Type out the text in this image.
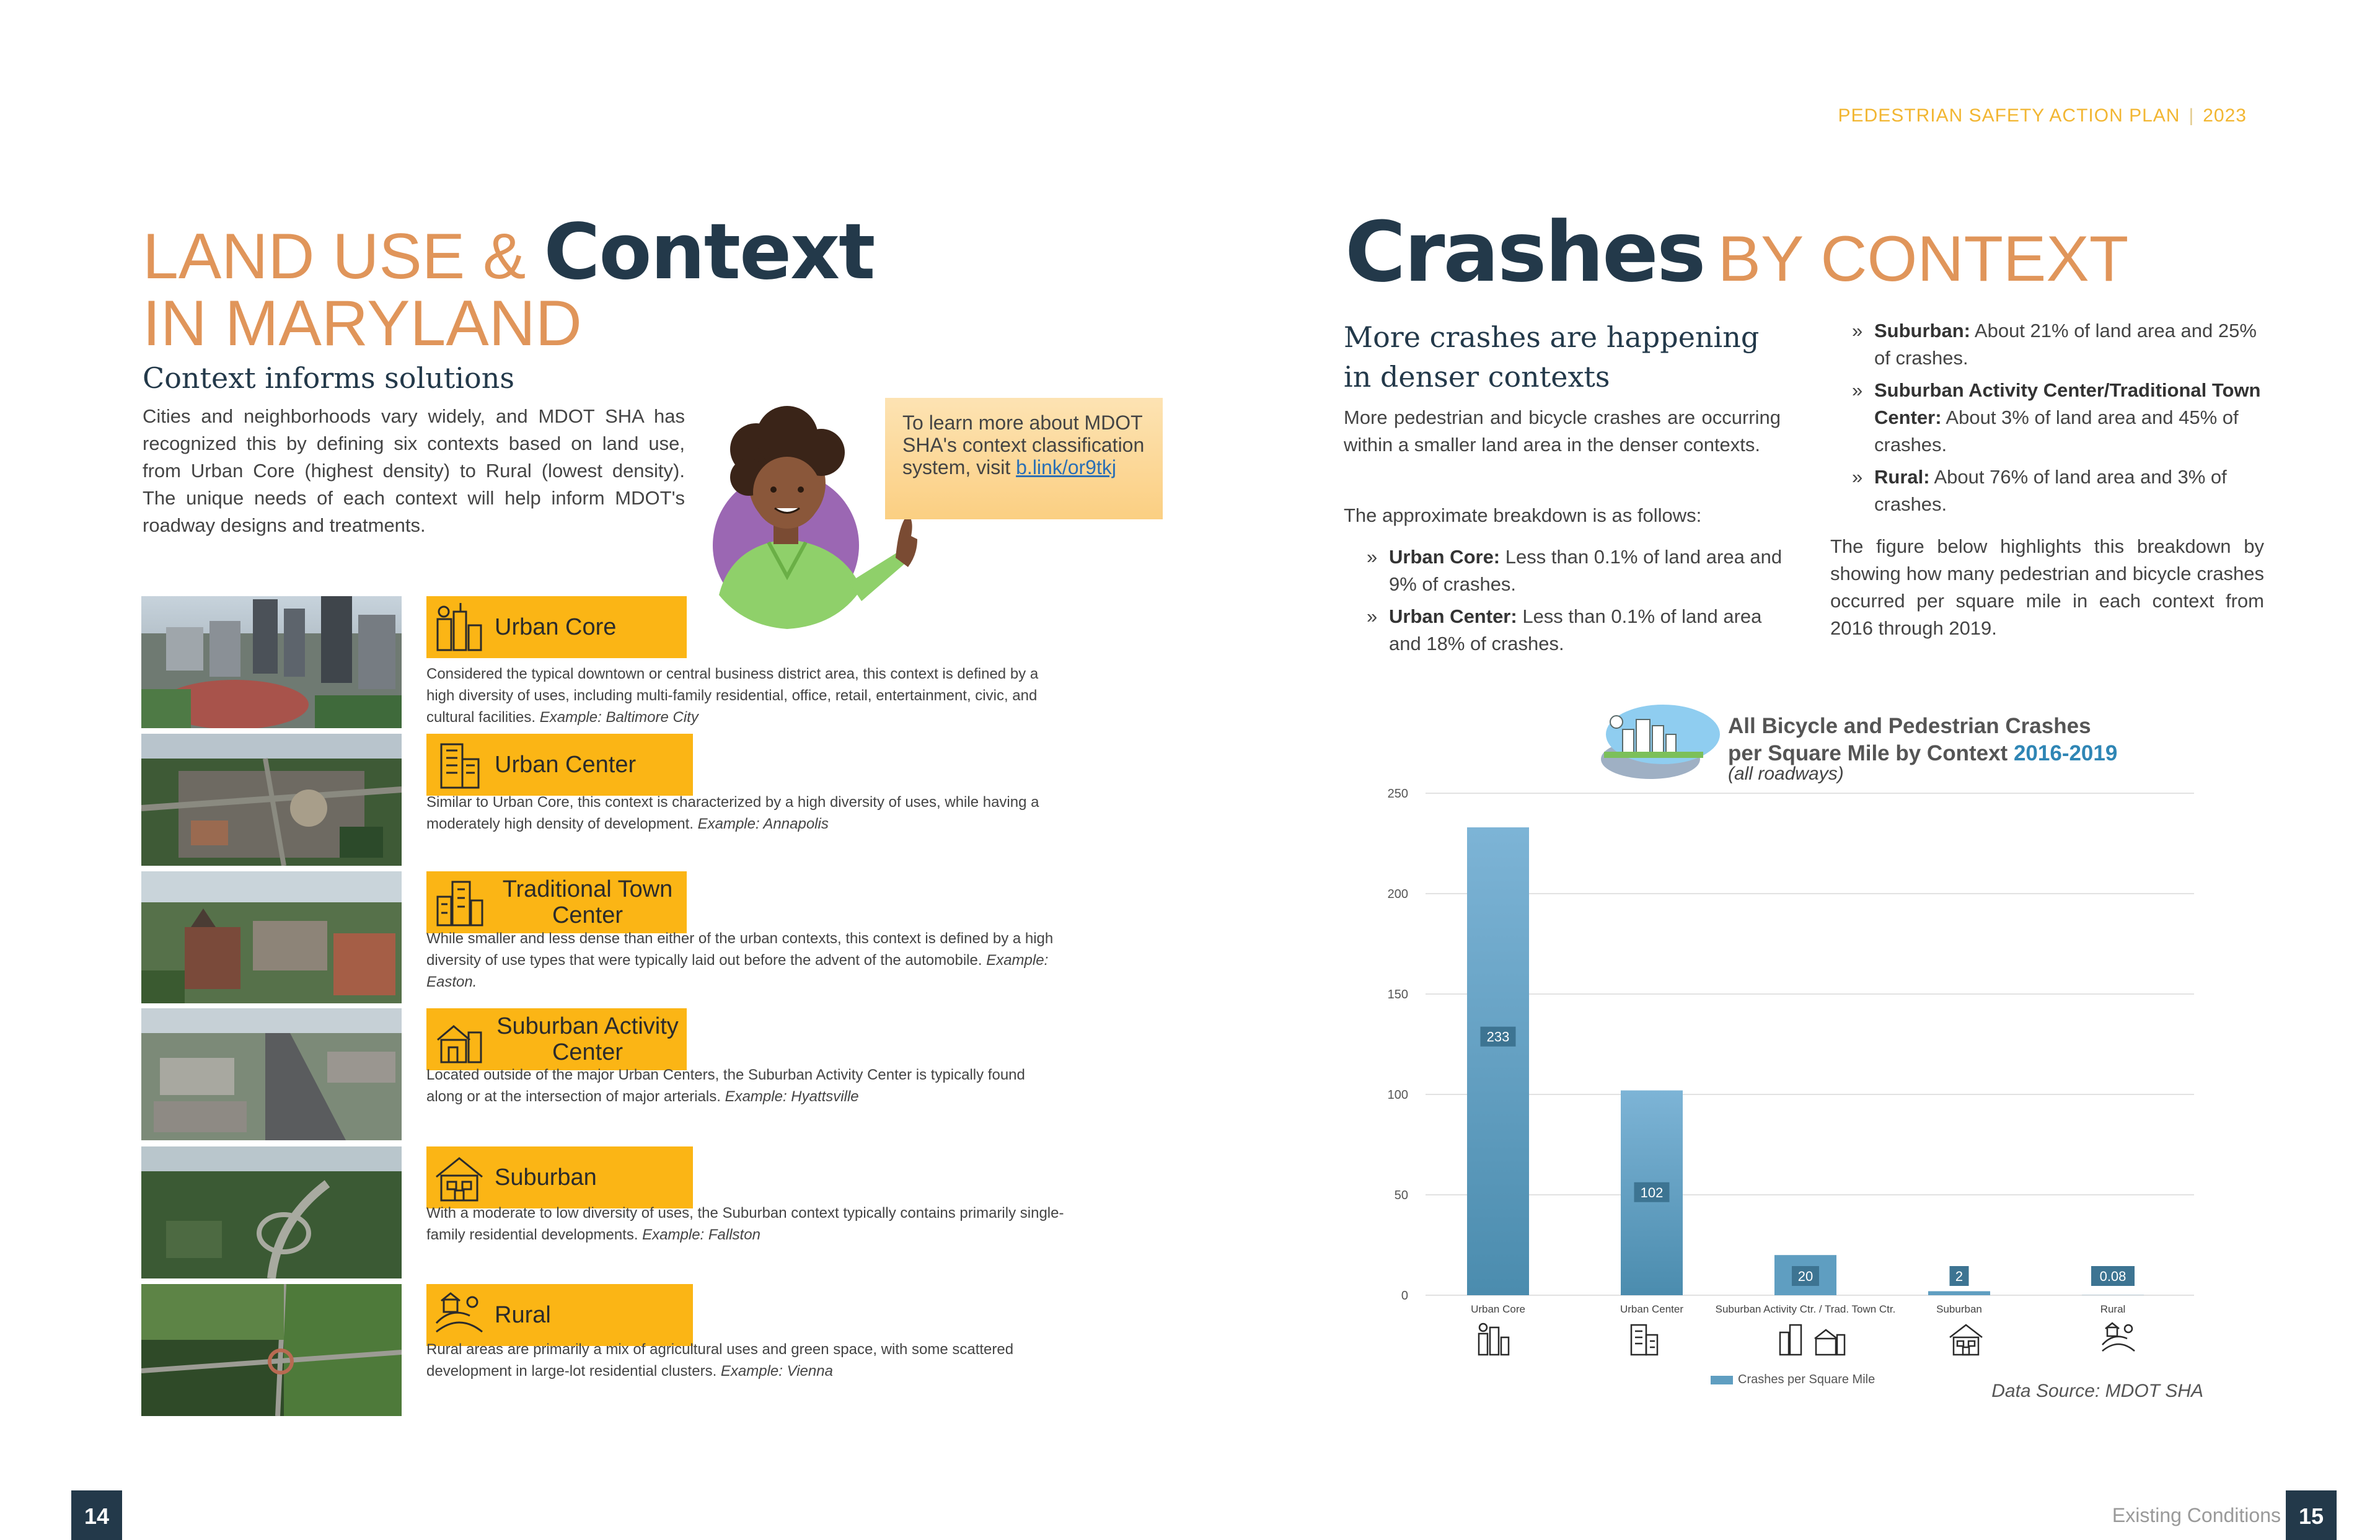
PEDESTRIAN SAFETY ACTION PLAN | 2023
LAND USE & Context
IN MARYLAND
Context informs solutions
Cities and neighborhoods vary widely, and MDOT SHA has recognized this by defining six contexts based on land use, from Urban Core (highest density) to Rural (lowest density). The unique needs of each context will help inform MDOT's roadway designs and treatments.
To learn more about MDOT SHA's context classification system, visit b.link/or9tkj
Urban Core
Considered the typical downtown or central business district area, this context is defined by a high diversity of uses, including multi-family residential, office, retail, entertainment, civic, and cultural facilities. Example: Baltimore City
Urban Center
Similar to Urban Core, this context is characterized by a high diversity of uses, while having a moderately high density of development. Example: Annapolis
Traditional Town Center
While smaller and less dense than either of the urban contexts, this context is defined by a high diversity of use types that were typically laid out before the advent of the automobile. Example: Easton.
Suburban Activity Center
Located outside of the major Urban Centers, the Suburban Activity Center is typically found along or at the intersection of major arterials. Example: Hyattsville
Suburban
With a moderate to low diversity of uses, the Suburban context typically contains primarily single-family residential developments. Example: Fallston
Rural
Rural areas are primarily a mix of agricultural uses and green space, with some scattered development in large-lot residential clusters. Example: Vienna
14
Crashes BY CONTEXT
More crashes are happening in denser contexts
More pedestrian and bicycle crashes are occurring within a smaller land area in the denser contexts.
The approximate breakdown is as follows:
» Urban Core: Less than 0.1% of land area and 9% of crashes.
» Urban Center: Less than 0.1% of land area and 18% of crashes.
» Suburban: About 21% of land area and 25% of crashes.
» Suburban Activity Center/Traditional Town Center: About 3% of land area and 45% of crashes.
» Rural: About 76% of land area and 3% of crashes.
The figure below highlights this breakdown by showing how many pedestrian and bicycle crashes occurred per square mile in each context from 2016 through 2019.
All Bicycle and Pedestrian Crashes
per Square Mile by Context 2016-2019
(all roadways)
0
50
100
150
200
250
233
102
20	2	0.08
Urban Core	Urban Center	Suburban Activity Ctr. / Trad. Town Ctr.	Suburban	Rural
Crashes per Square Mile
Data Source: MDOT SHA
Existing Conditions 15
